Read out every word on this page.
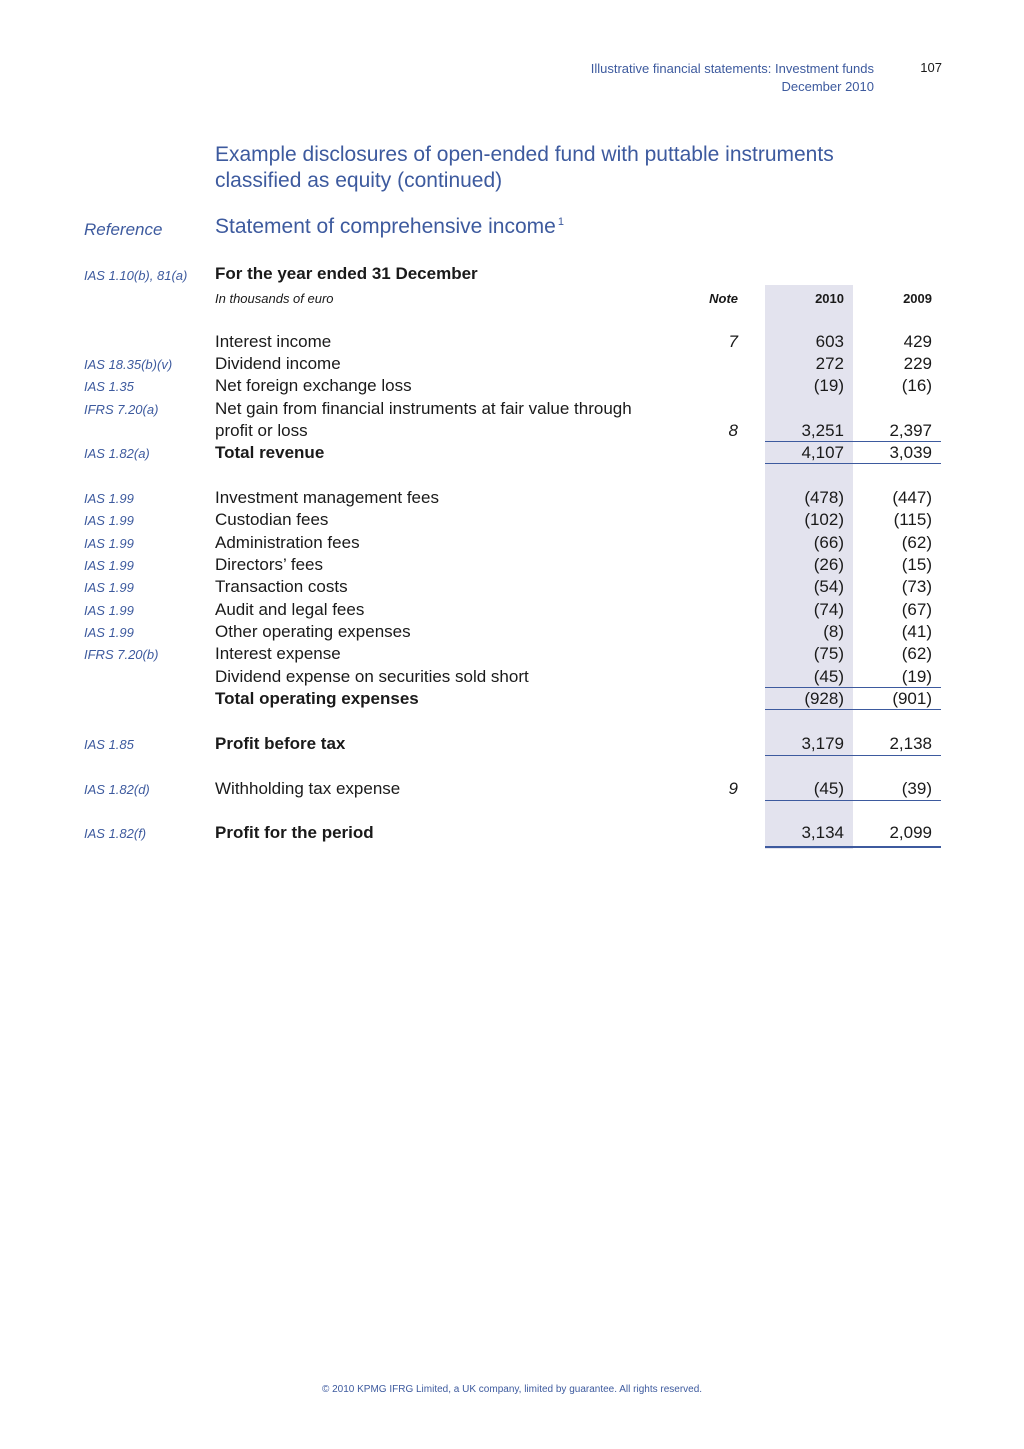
Illustrative financial statements: Investment funds
December 2010
107
Example disclosures of open-ended fund with puttable instruments classified as equity (continued)
Reference	Statement of comprehensive income $^1$
IAS 1.10(b), 81(a) For the year ended 31 December
In thousands of euro	Note	2010	2009
Interest income	7	603	429
IAS 18.35(b)(v)	Dividend income	272	229
IAS 1.35	Net foreign exchange loss	(19)	(16)
IFRS 7.20(a)	Net gain from financial instruments at fair value through
profit or loss	8	3,251	2,397
IAS 1.82(a)	Total revenue	4,107	3,039
IAS 1.99	Investment management fees	(478)	(447)
IAS 1.99	Custodian fees	(102)	(115)
IAS 1.99	Administration fees	(66)	(62)
IAS 1.99	Directors’ fees	(26)	(15)
IAS 1.99	Transaction costs	(54)	(73)
IAS 1.99	Audit and legal fees	(74)	(67)
IAS 1.99	Other operating expenses	(8)	(41)
IFRS 7.20(b)	Interest expense	(75)	(62)
Dividend expense on securities sold short	(45)	(19)
Total operating expenses	(928)	(901)
IAS 1.85	Profit before tax	3,179	2,138
IAS 1.82(d)	Withholding tax expense	9	(45)	(39)
IAS 1.82(f)	Profit for the period	3,134	2,099
© 2010 KPMG IFRG Limited, a UK company, limited by guarantee. All rights reserved.
